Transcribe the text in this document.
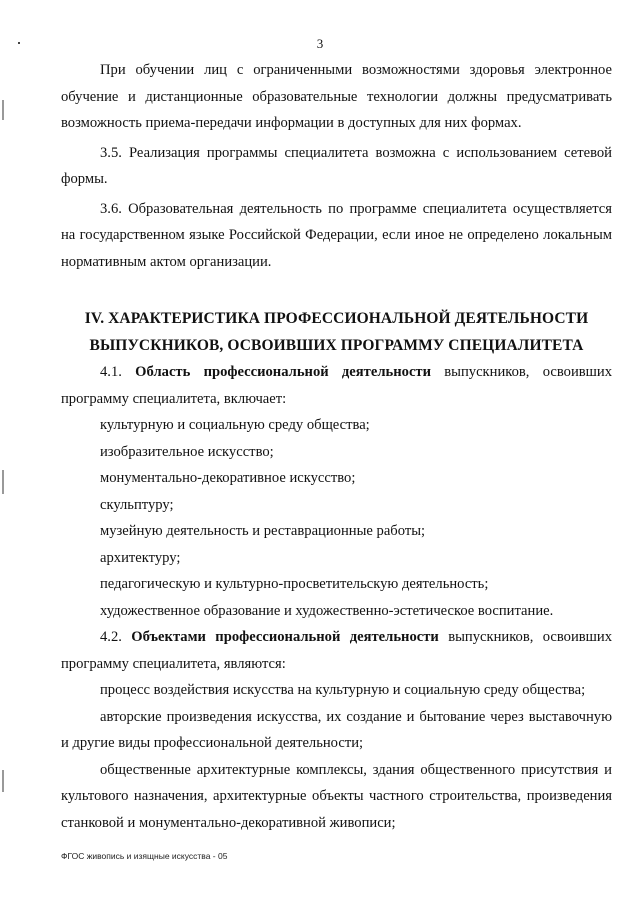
3

При обучении лиц с ограниченными возможностями здоровья электронное обучение и дистанционные образовательные технологии должны предусматривать возможность приема-передачи информации в доступных для них формах.

3.5. Реализация программы специалитета возможна с использованием сетевой формы.

3.6. Образовательная деятельность по программе специалитета осуществляется на государственном языке Российской Федерации, если иное не определено локальным нормативным актом организации.

IV. ХАРАКТЕРИСТИКА ПРОФЕССИОНАЛЬНОЙ ДЕЯТЕЛЬНОСТИ
ВЫПУСКНИКОВ, ОСВОИВШИХ ПРОГРАММУ СПЕЦИАЛИТЕТА

4.1. Область профессиональной деятельности выпускников, освоивших программу специалитета, включает:

культурную и социальную среду общества;

изобразительное искусство;

монументально-декоративное искусство;

скульптуру;

музейную деятельность и реставрационные работы;

архитектуру;

педагогическую и культурно-просветительскую деятельность;

художественное образование и художественно-эстетическое воспитание.

4.2. Объектами профессиональной деятельности выпускников, освоивших программу специалитета, являются:

процесс воздействия искусства на культурную и социальную среду общества;

авторские произведения искусства, их создание и бытование через выставочную и другие виды профессиональной деятельности;

общественные архитектурные комплексы, здания общественного присутствия и культового назначения, архитектурные объекты частного строительства, произведения станковой и монументально-декоративной живописи;

ФГОС живопись и изящные искусства - 05
